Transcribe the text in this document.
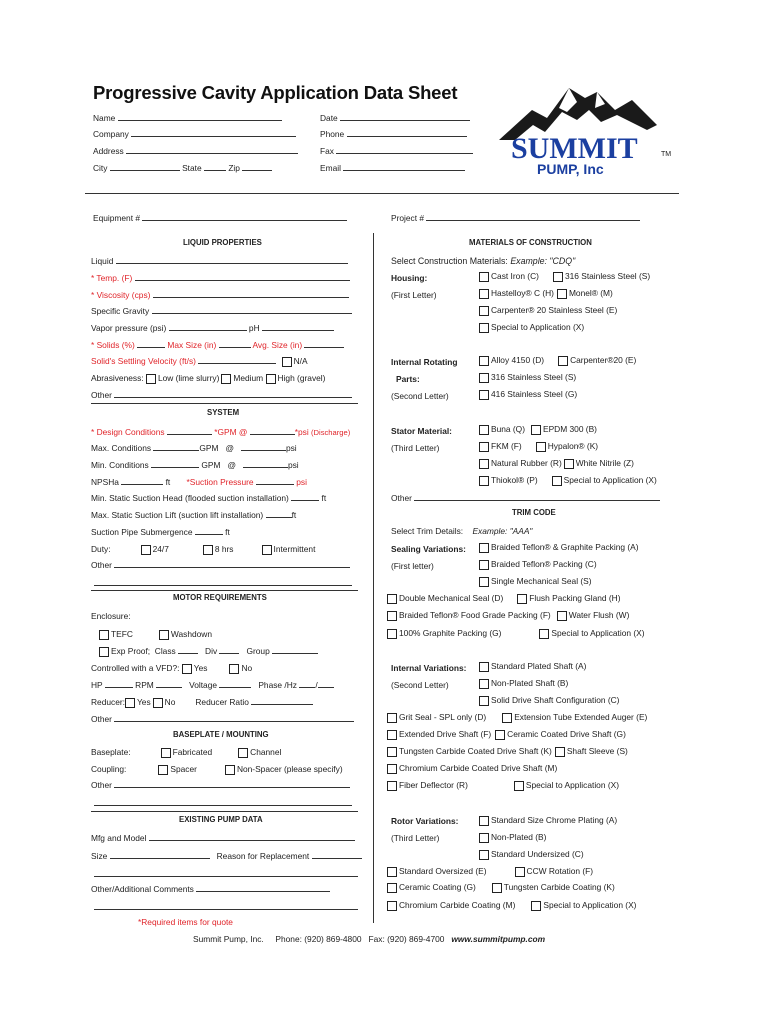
Progressive Cavity Application Data Sheet
SUMMIT
PUMP, Inc
TM
Name
Company
Address
City	State	Zip
Date
Phone
Fax
Email
Equipment #	Project #
LIQUID PROPERTIES
Liquid
* Temp. (F)
* Viscosity (cps)
Specific Gravity
Vapor pressure (psi)	pH
* Solids (%)	Max Size (in)	Avg. Size (in)
Solid's Settling Velocity (ft/s)	N/A
Abrasiveness: Low (lime slurry) Medium High (gravel)
Other
SYSTEM
* Design Conditions	*GPM @	*psi (Discharge)
Max. Conditions	GPM @	psi
Min. Conditions	GPM @	psi
NPSHa	ft *Suction Pressure	psi
Min. Static Suction Head (flooded suction installation)	ft
Max. Static Suction Lift (suction lift installation)	ft
Suction Pipe Submergence	ft
Duty:	24/7	8 hrs	Intermittent
Other
MOTOR REQUIREMENTS
Enclosure:
TEFC	Washdown
Exp Proof; Class	Div	Group
Controlled with a VFD?: Yes	No
HP	RPM	Voltage	Phase /Hz /
Reducer: Yes No Reducer Ratio
Other
BASEPLATE / MOUNTING
Baseplate:	Fabricated	Channel
Coupling:	Spacer	Non-Spacer (please specify)
Other
EXISTING PUMP DATA
Mfg and Model
Size	Reason for Replacement
Other/Additional Comments
*Required items for quote
MATERIALS OF CONSTRUCTION
Select Construction Materials: Example: "CDQ"
Housing:
(First Letter)
Cast Iron (C)	316 Stainless Steel (S)
Hastelloy® C (H) Monel® (M)
Carpenter® 20 Stainless Steel (E)
Special to Application (X)
Internal Rotating
Parts:
(Second Letter)
Alloy 4150 (D)	Carpenter®20 (E)
316 Stainless Steel (S)
416 Stainless Steel (G)
Stator Material:
(Third Letter)
Buna (Q) EPDM 300 (B)
FKM (F)	Hypalon® (K)
Natural Rubber (R) White Nitrile (Z)
Thiokol® (P)	Special to Application (X)
Other
TRIM CODE
Select Trim Details: Example: "AAA"
Sealing Variations:
(First letter)
Braided Teflon® & Graphite Packing (A)
Braided Teflon® Packing (C)
Single Mechanical Seal (S)
Double Mechanical Seal (D)	Flush Packing Gland (H)
Braided Teflon® Food Grade Packing (F) Water Flush (W)
100% Graphite Packing (G)	Special to Application (X)
Internal Variations:
(Second Letter)
Standard Plated Shaft (A)
Non-Plated Shaft (B)
Solid Drive Shaft Configuration (C)
Grit Seal - SPL only (D)	Extension Tube Extended Auger (E)
Extended Drive Shaft (F) Ceramic Coated Drive Shaft (G)
Tungsten Carbide Coated Drive Shaft (K) Shaft Sleeve (S)
Chromium Carbide Coated Drive Shaft (M)
Fiber Deflector (R)	Special to Application (X)
Rotor Variations:
(Third Letter)
Standard Size Chrome Plating (A)
Non-Plated (B)
Standard Undersized (C)
Standard Oversized (E)	CCW Rotation (F)
Ceramic Coating (G)	Tungsten Carbide Coating (K)
Chromium Carbide Coating (M)	Special to Application (X)
Summit Pump, Inc. Phone: (920) 869-4800 Fax: (920) 869-4700 www.summitpump.com
